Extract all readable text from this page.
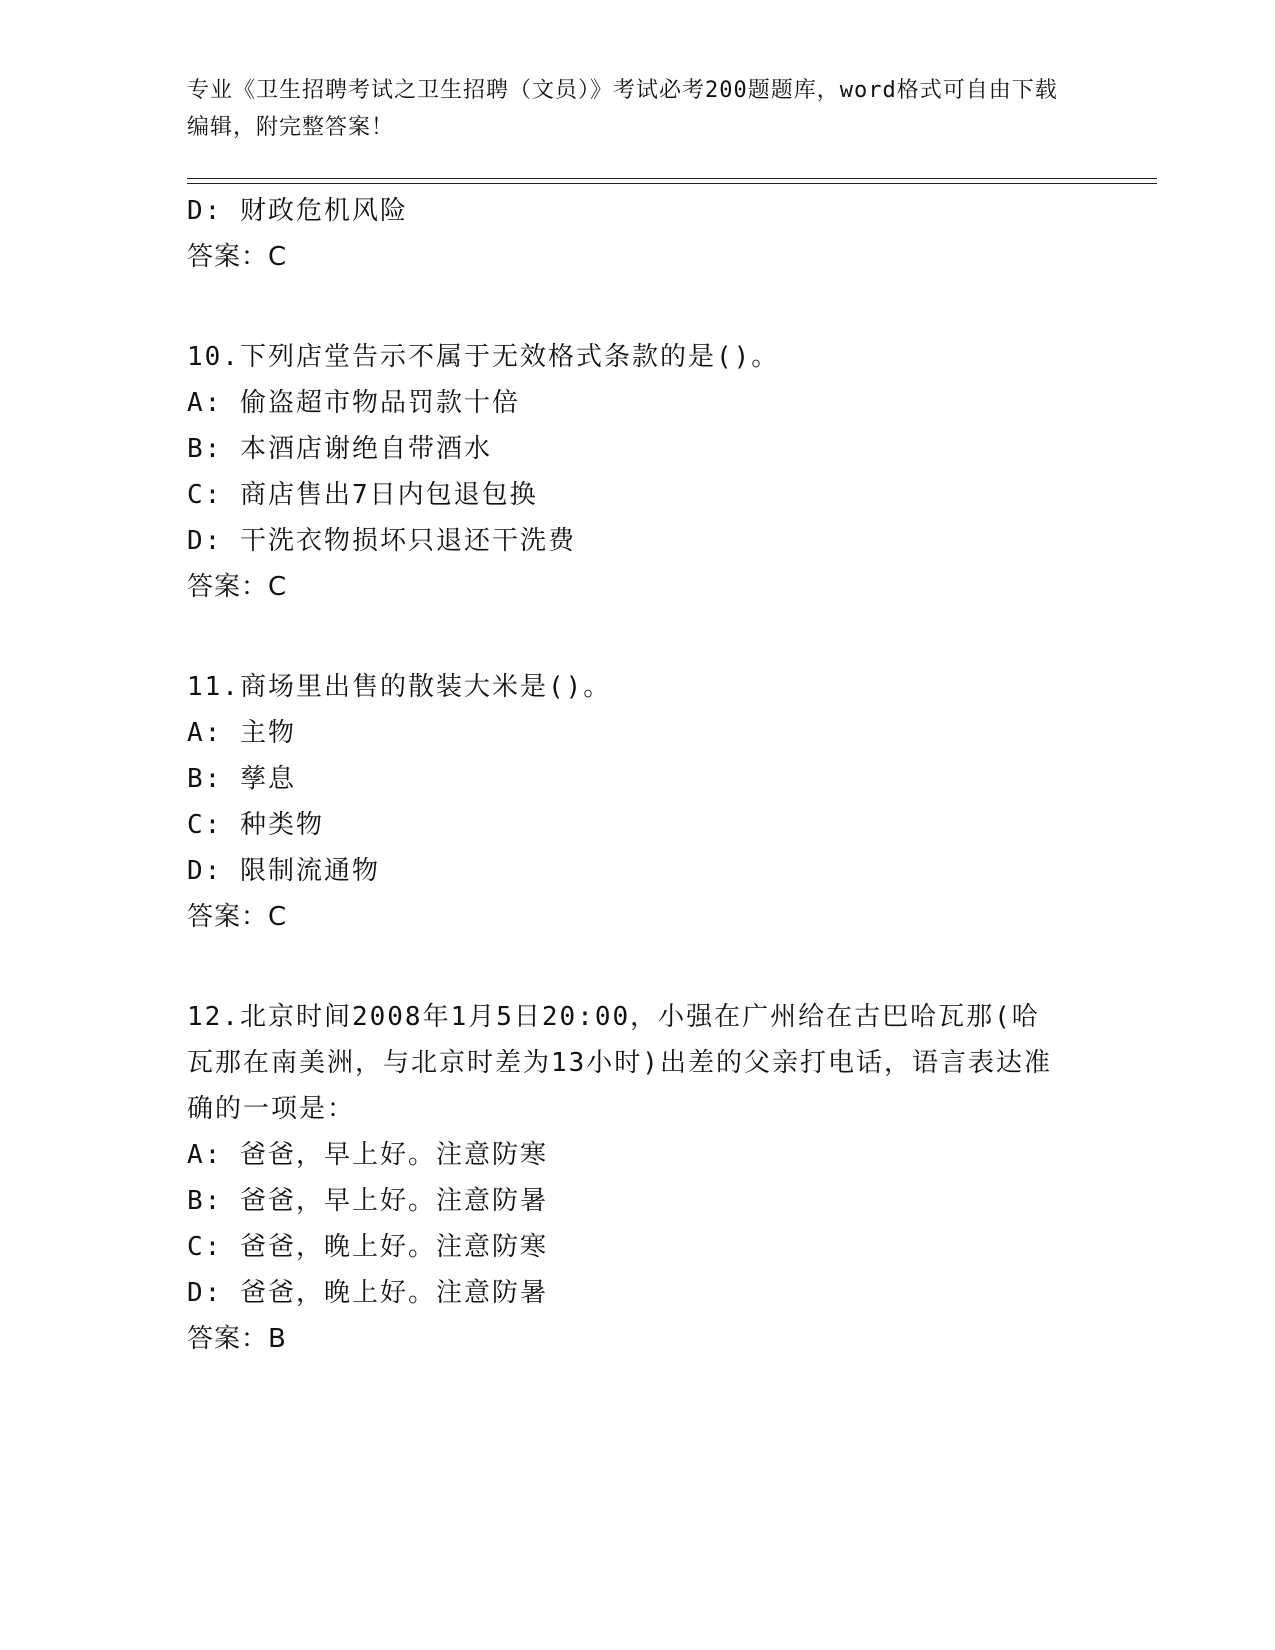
专业《卫生招聘考试之卫生招聘（文员）》考试必考200题题库，word格式可自由下载编辑，附完整答案！
D: 财政危机风险
答案：C
10.下列店堂告示不属于无效格式条款的是()。
A: 偷盗超市物品罚款十倍
B: 本酒店谢绝自带酒水
C: 商店售出7日内包退包换
D: 干洗衣物损坏只退还干洗费
答案：C
11.商场里出售的散装大米是()。
A: 主物
B: 孳息
C: 种类物
D: 限制流通物
答案：C
12.北京时间2008年1月5日20:00，小强在广州给在古巴哈瓦那(哈瓦那在南美洲，与北京时差为13小时)出差的父亲打电话，语言表达准确的一项是：
A: 爸爸，早上好。注意防寒
B: 爸爸，早上好。注意防暑
C: 爸爸，晚上好。注意防寒
D: 爸爸，晚上好。注意防暑
答案：B
